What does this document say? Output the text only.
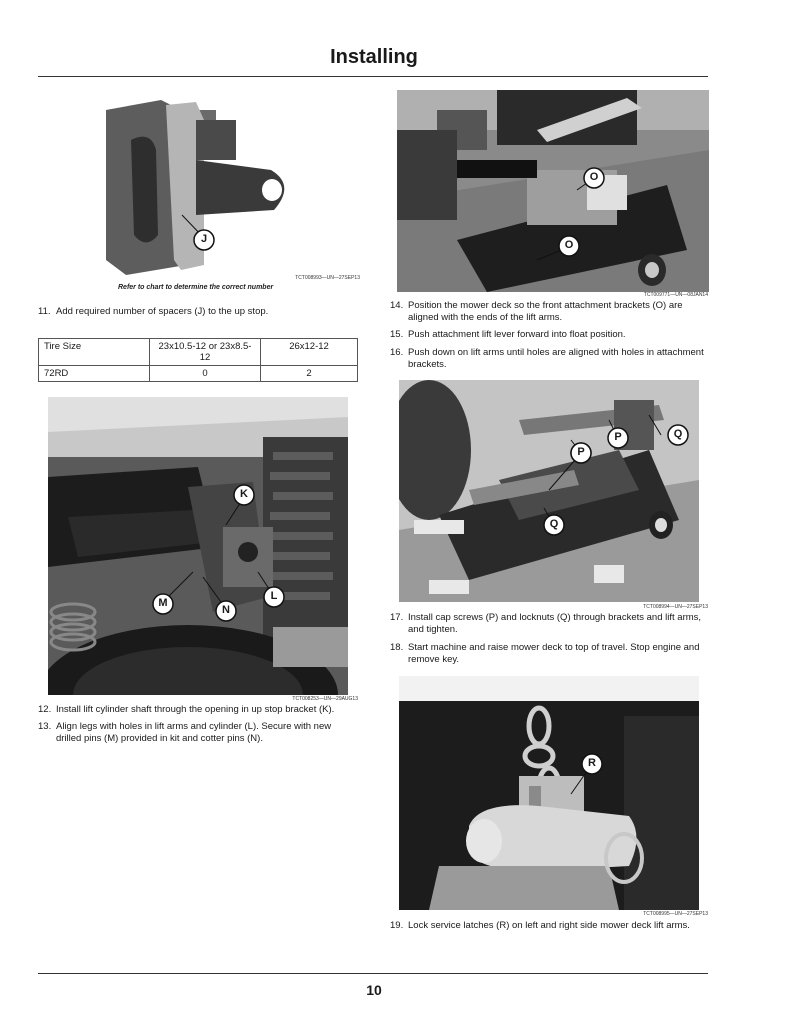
Installing
J
TCT008993—UN—27SEP13
Refer to chart to determine the correct number
11. Add required number of spacers (J) to the up stop.
Tire Size	23x10.5-12 or 23x8.5-12	26x12-12
72RD	0	2
K
M
N
L
TCT008253—UN—29AUG13
12. Install lift cylinder shaft through the opening in up stop bracket (K).
13. Align legs with holes in lift arms and cylinder (L). Secure with new drilled pins (M) provided in kit and cotter pins (N).
O
O
TCT009771—UN—08JAN14
14. Position the mower deck so the front attachment brackets (O) are aligned with the ends of the lift arms.
15. Push attachment lift lever forward into float position.
16. Push down on lift arms until holes are aligned with holes in attachment brackets.
P
P
Q
Q
TCT008994—UN—27SEP13
17. Install cap screws (P) and locknuts (Q) through brackets and lift arms, and tighten.
18. Start machine and raise mower deck to top of travel. Stop engine and remove key.
R
TCT008995—UN—27SEP13
19. Lock service latches (R) on left and right side mower deck lift arms.
10
